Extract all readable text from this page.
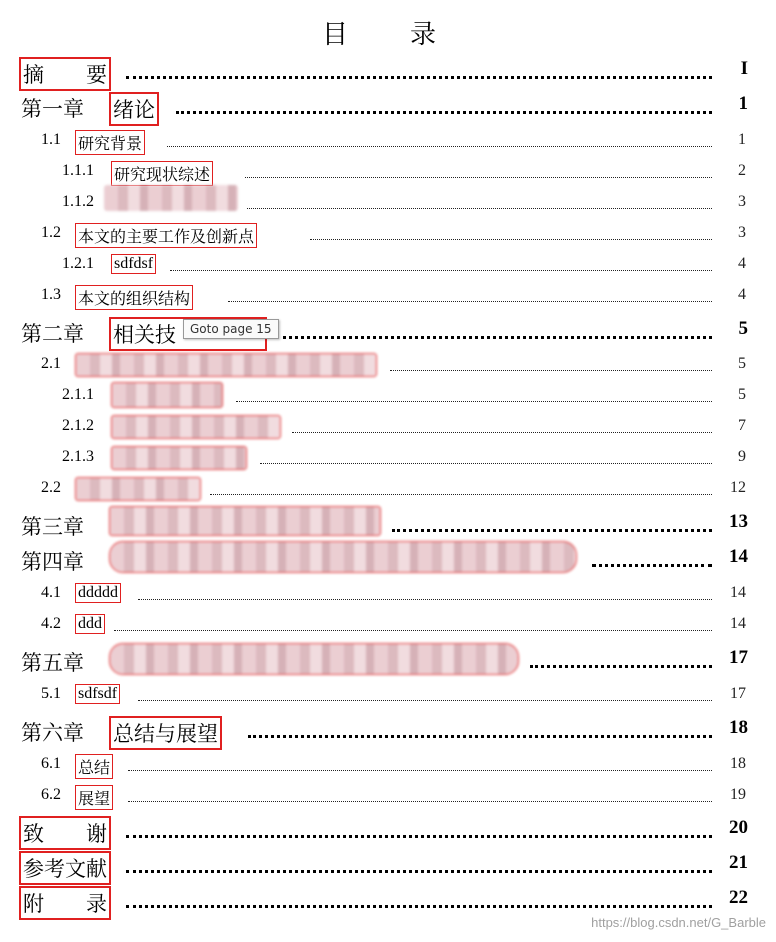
目　录
摘　　要	I
第一章 绪论	1
1.1 研究背景	1
1.1.1 研究现状综述	2
1.1.2	3
1.2 本文的主要工作及创新点	3
1.2.1 sdfdsf	4
1.3 本文的组织结构	4
第二章 相关技	5
2.1	5
2.1.1	5
2.1.2	7
2.1.3	9
2.2	12
第三章	13
第四章	14
4.1 ddddd	14
4.2 ddd	14
第五章	17
5.1 sdfsdf	17
第六章 总结与展望	18
6.1 总结	18
6.2 展望	19
致　　谢	20
参考文献	21
附　　录	22
Goto page 15
https://blog.csdn.net/G_Barble
